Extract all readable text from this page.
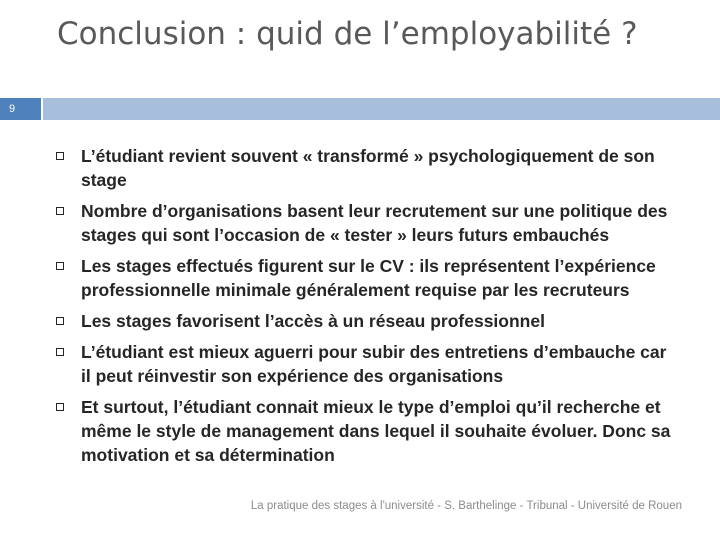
Conclusion : quid de l’employabilité ?
9
L’étudiant revient souvent « transformé » psychologiquement de son stage
Nombre d’organisations basent leur recrutement sur une politique des stages qui sont l’occasion de « tester » leurs futurs embauchés
Les stages effectués figurent sur le CV : ils représentent l’expérience professionnelle minimale généralement requise par les recruteurs
Les stages favorisent l’accès à un réseau professionnel
L’étudiant est mieux aguerri pour subir des entretiens d’embauche car il peut réinvestir son expérience des organisations
Et surtout, l’étudiant connait mieux le type d’emploi qu’il recherche et même le style de management dans lequel il souhaite évoluer. Donc sa motivation et sa détermination
La pratique des stages à l'université - S. Barthelinge - Tribunal - Université de Rouen
